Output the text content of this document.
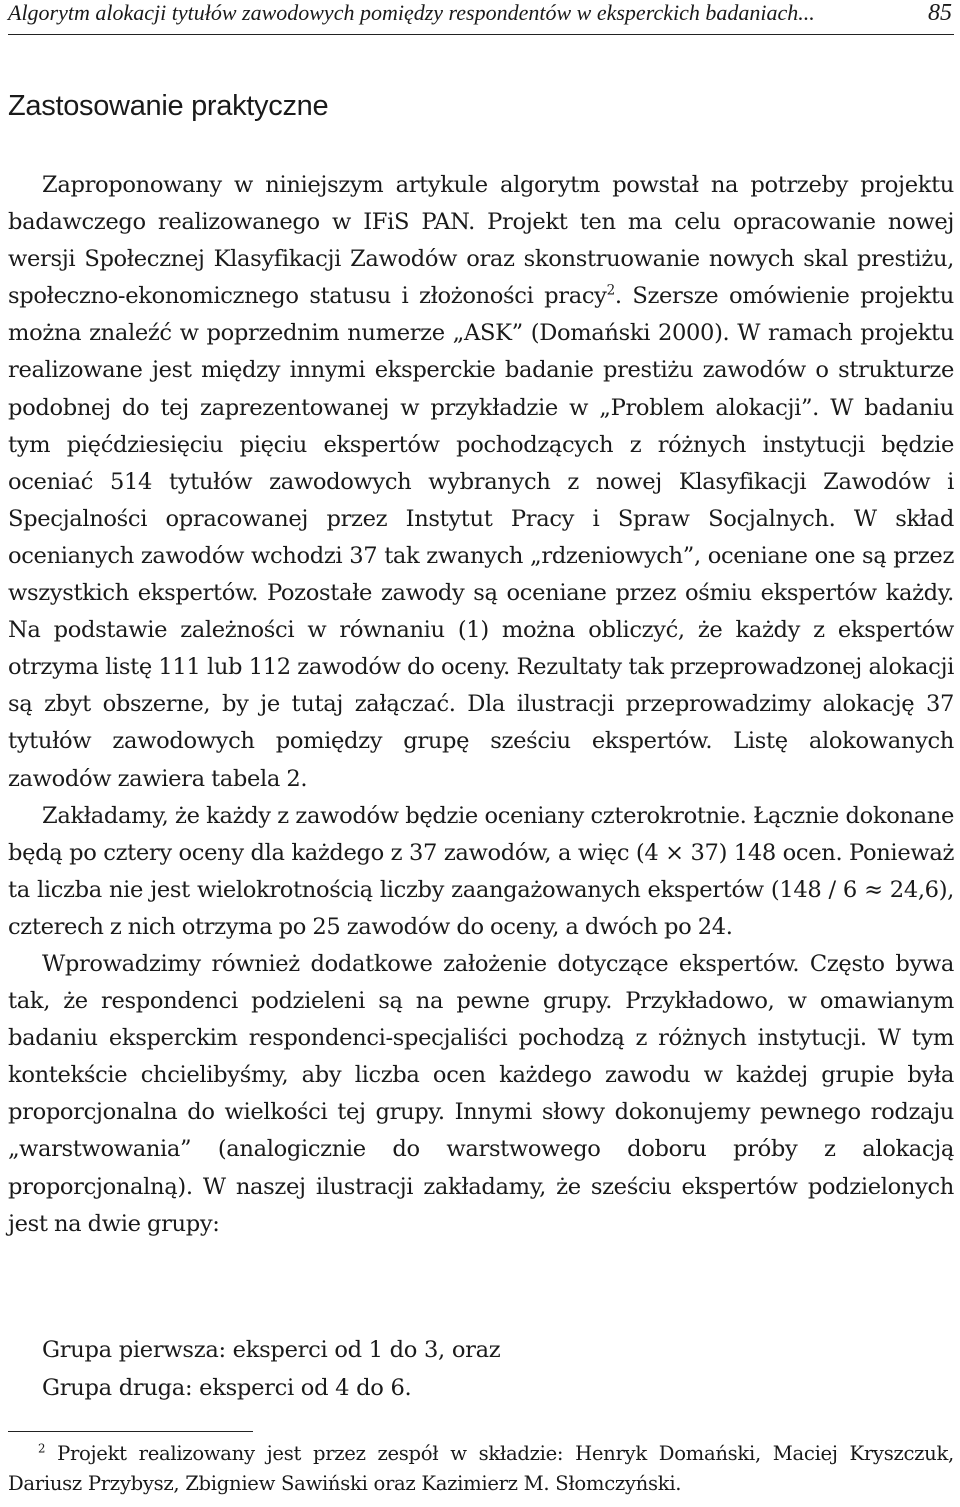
Algorytm alokacji tytułów zawodowych pomiędzy respondentów w eksperckich badaniach...	85
Zastosowanie praktyczne

Zaproponowany w niniejszym artykule algorytm powstał na potrzeby projektu badawczego realizowanego w IFiS PAN. Projekt ten ma celu opracowanie nowej wersji Społecznej Klasyfikacji Zawodów oraz skonstruowanie nowych skal prestiżu, społeczno-ekonomicznego statusu i złożoności pracy$^2$. Szersze omówienie projektu można znaleźć w poprzednim numerze „ASK” (Domański 2000). W ramach projektu realizowane jest między innymi eksperckie badanie prestiżu zawodów o strukturze podobnej do tej zaprezentowanej w przykładzie w „Problem alokacji”. W badaniu tym pięćdziesięciu pięciu ekspertów pochodzących z różnych instytucji będzie oceniać 514 tytułów zawodowych wybranych z nowej Klasyfikacji Zawodów i Specjalności opracowanej przez Instytut Pracy i Spraw Socjalnych. W skład ocenianych zawodów wchodzi 37 tak zwanych „rdzeniowych”, oceniane one są przez wszystkich ekspertów. Pozostałe zawody są oceniane przez ośmiu ekspertów każdy. Na podstawie zależności w równaniu (1) można obliczyć, że każdy z ekspertów otrzyma listę 111 lub 112 zawodów do oceny. Rezultaty tak przeprowadzonej alokacji są zbyt obszerne, by je tutaj załączać. Dla ilustracji przeprowadzimy alokację 37 tytułów zawodowych pomiędzy grupę sześciu ekspertów. Listę alokowanych zawodów zawiera tabela 2.

Zakładamy, że każdy z zawodów będzie oceniany czterokrotnie. Łącznie dokonane będą po cztery oceny dla każdego z 37 zawodów, a więc (4 × 37) 148 ocen. Ponieważ ta liczba nie jest wielokrotnością liczby zaangażowanych ekspertów (148 / 6 ≈ 24,6), czterech z nich otrzyma po 25 zawodów do oceny, a dwóch po 24.

Wprowadzimy również dodatkowe założenie dotyczące ekspertów. Często bywa tak, że respondenci podzieleni są na pewne grupy. Przykładowo, w omawianym badaniu eksperckim respondenci-specjaliści pochodzą z różnych instytucji. W tym kontekście chcielibyśmy, aby liczba ocen każdego zawodu w każdej grupie była proporcjonalna do wielkości tej grupy. Innymi słowy dokonujemy pewnego rodzaju „warstwowania” (analogicznie do warstwowego doboru próby z alokacją proporcjonalną). W naszej ilustracji zakładamy, że sześciu ekspertów podzielonych jest na dwie grupy:

Grupa pierwsza: eksperci od 1 do 3, oraz
Grupa druga: eksperci od 4 do 6.

$^2$ Projekt realizowany jest przez zespół w składzie: Henryk Domański, Maciej Kryszczuk, Dariusz Przybysz, Zbigniew Sawiński oraz Kazimierz M. Słomczyński.
